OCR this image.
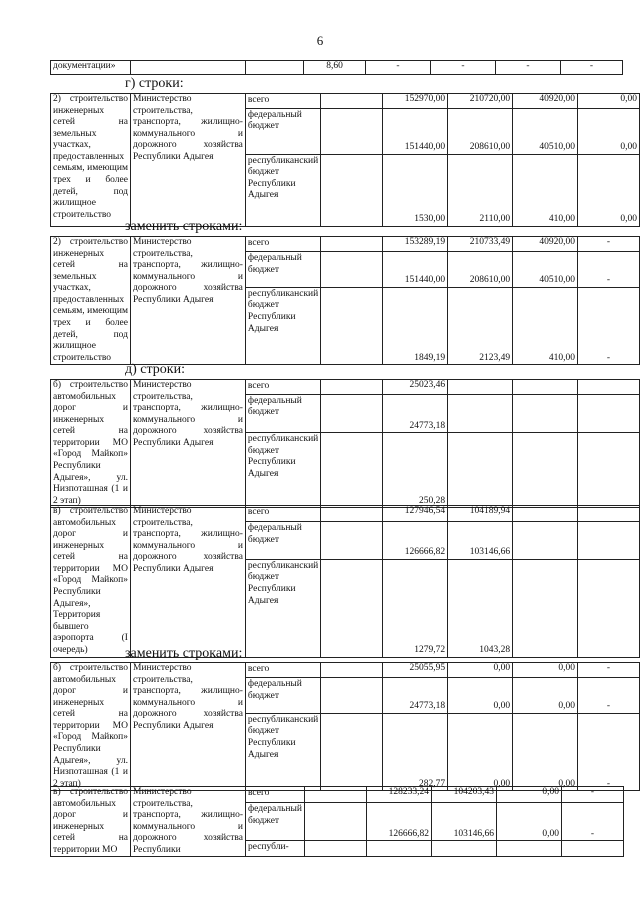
6
документации»			8,60	-	-	-	-
г) строки:
2) строительство инженерных сетей на земельных участках, предоставленных семьям, имеющим трех и более детей, под жилищное строительство	Министерство строительства, транспорта, жилищно-коммунального и дорожного хозяйства Республики Адыгея	всего		152970,00	210720,00	40920,00	0,00

		федеральный бюджет		151440,00	208610,00	40510,00	0,00

		республиканский бюджет Республики Адыгея		1530,00	2110,00	410,00	0,00
2) строительство инженерных сетей на земельных участках, предоставленных семьям, имеющим трех и более детей, под жилищное строительство	Министерство строительства, транспорта, жилищно-коммунального и дорожного хозяйства Республики Адыгея	всего		153289,19	210733,49	40920,00	-

		федеральный бюджет		151440,00	208610,00	40510,00	-

		республиканский бюджет Республики Адыгея		1849,19	2123,49	410,00	-
б) строительство автомобильных дорог и инженерных сетей на территории МО «Город Майкоп» Республики Адыгея», ул. Низпоташная (1 и 2 этап)	Министерство строительства, транспорта, жилищно-коммунального и дорожного хозяйства Республики Адыгея	всего		25023,46			

		федеральный бюджет		24773,18			

		республиканский бюджет Республики Адыгея		250,28			
в) строительство автомобильных дорог и инженерных сетей на территории МО «Город Майкоп» Республики Адыгея», Территория бывшего аэропорта (I очередь)	Министерство строительства, транспорта, жилищно-коммунального и дорожного хозяйства Республики Адыгея	всего		127946,54	104189,94		

		федеральный бюджет		126666,82	103146,66		

		республиканский бюджет Республики Адыгея		1279,72	1043,28		
б) строительство автомобильных дорог и инженерных сетей на территории МО «Город Майкоп» Республики Адыгея», ул. Низпоташная (1 и 2 этап)	Министерство строительства, транспорта, жилищно-коммунального и дорожного хозяйства Республики Адыгея	всего		25055,95	0,00	0,00	-

		федеральный бюджет		24773,18	0,00	0,00	-

		республиканский бюджет Республики Адыгея		282,77	0,00	0,00	-
в) строительство автомобильных дорог и инженерных сетей на территории МО	Министерство строительства, транспорта, жилищно-коммунального и дорожного хозяйства Республики	всего		128233,24	104203,43	0,00	-

		федеральный бюджет		126666,82	103146,66	0,00	-

		республи-					

заменить строками:
д) строки:
заменить строками:
